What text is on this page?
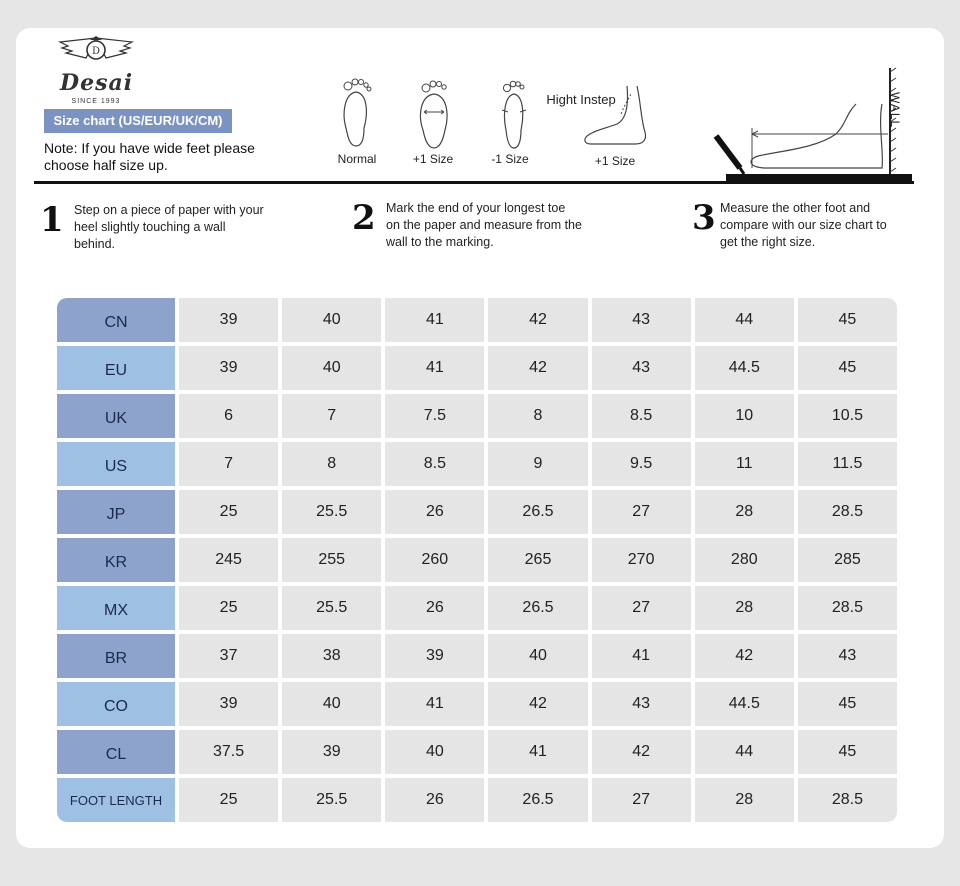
D
Desai
SINCE 1993
Size chart (US/EUR/UK/CM)
Note: If you have wide feet please choose half size up.	Normal	+1 Size	-1 Size
Hight Instep
+1 Size
WALL
1 Step on a piece of paper with your heel slightly touching a wall behind.
2 Mark the end of your longest toe on the paper and measure from the wall to the marking.
3 Measure the other foot and compare with our size chart to get the right size.
CN	39	40	41	42	43	44	45
EU	39	40	41	42	43	44.5	45
UK	6	7	7.5	8	8.5	10	10.5
US	7	8	8.5	9	9.5	11	11.5
JP	25	25.5	26	26.5	27	28	28.5
KR	245	255	260	265	270	280	285
MX	25	25.5	26	26.5	27	28	28.5
BR	37	38	39	40	41	42	43
CO	39	40	41	42	43	44.5	45
CL	37.5	39	40	41	42	44	45
FOOT LENGTH	25	25.5	26	26.5	27	28	28.5
